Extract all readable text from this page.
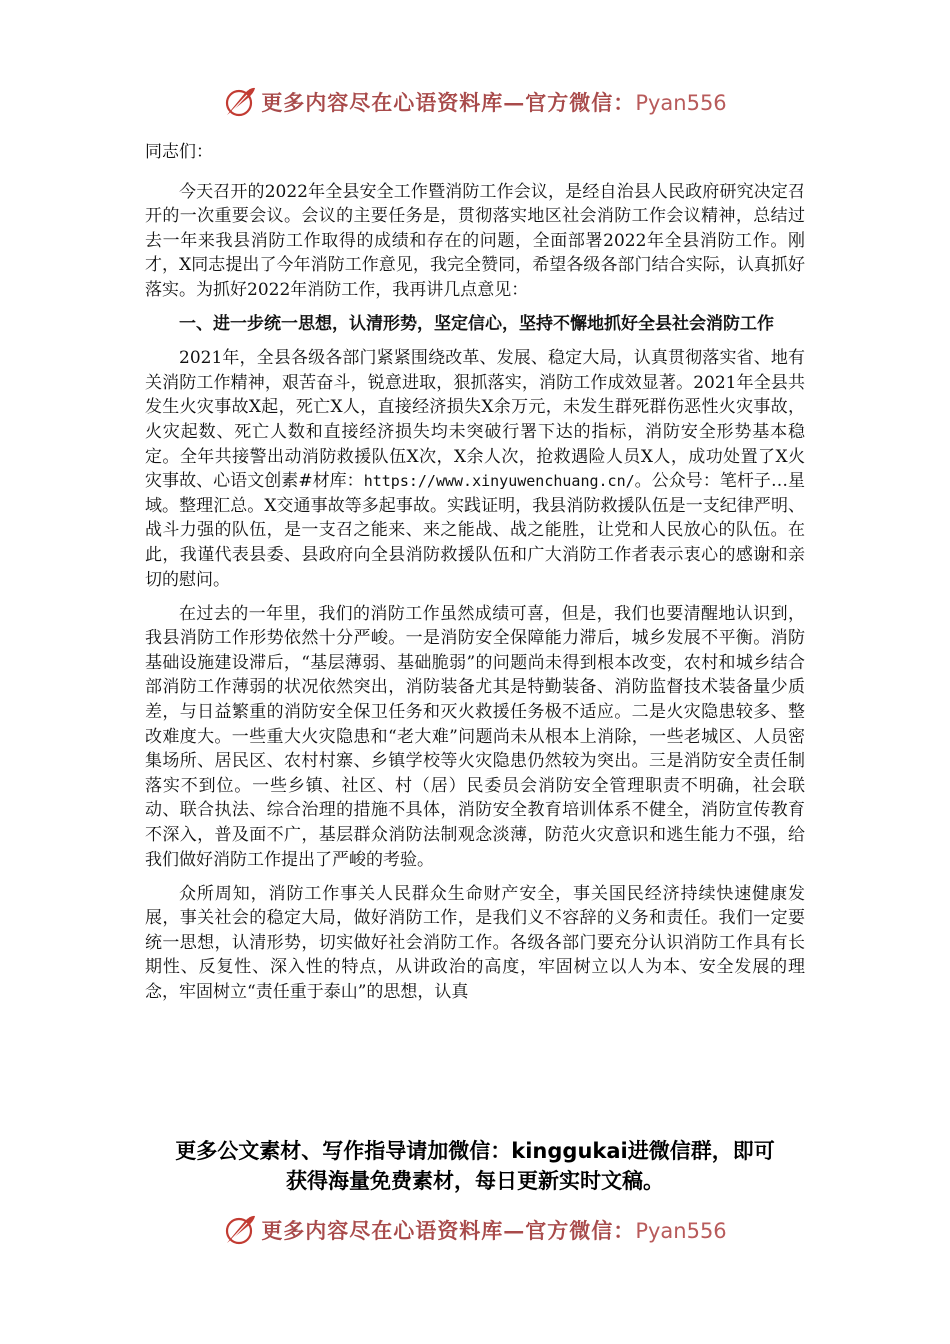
更多内容尽在心语资料库—官方微信：Pyan556

同志们：

今天召开的2022年全县安全工作暨消防工作会议，是经自治县人民政府研究决定召开的一次重要会议。会议的主要任务是，贯彻落实地区社会消防工作会议精神，总结过去一年来我县消防工作取得的成绩和存在的问题，全面部署2022年全县消防工作。刚才，X同志提出了今年消防工作意见，我完全赞同，希望各级各部门结合实际，认真抓好落实。为抓好2022年消防工作，我再讲几点意见：

一、进一步统一思想，认清形势，坚定信心，坚持不懈地抓好全县社会消防工作

2021年，全县各级各部门紧紧围绕改革、发展、稳定大局，认真贯彻落实省、地有关消防工作精神，艰苦奋斗，锐意进取，狠抓落实，消防工作成效显著。2021年全县共发生火灾事故X起，死亡X人，直接经济损失X余万元，未发生群死群伤恶性火灾事故，火灾起数、死亡人数和直接经济损失均未突破行署下达的指标，消防安全形势基本稳定。全年共接警出动消防救援队伍X次，X余人次，抢救遇险人员X人，成功处置了X火灾事故、心语文创素#材库：https://www.xinyuwenchuang.cn/。公众号：笔杆子…星域。整理汇总。X交通事故等多起事故。实践证明，我县消防救援队伍是一支纪律严明、战斗力强的队伍，是一支召之能来、来之能战、战之能胜，让党和人民放心的队伍。在此，我谨代表县委、县政府向全县消防救援队伍和广大消防工作者表示衷心的感谢和亲切的慰问。

在过去的一年里，我们的消防工作虽然成绩可喜，但是，我们也要清醒地认识到，我县消防工作形势依然十分严峻。一是消防安全保障能力滞后，城乡发展不平衡。消防基础设施建设滞后，“基层薄弱、基础脆弱”的问题尚未得到根本改变，农村和城乡结合部消防工作薄弱的状况依然突出，消防装备尤其是特勤装备、消防监督技术装备量少质差，与日益繁重的消防安全保卫任务和灭火救援任务极不适应。二是火灾隐患较多、整改难度大。一些重大火灾隐患和“老大难”问题尚未从根本上消除，一些老城区、人员密集场所、居民区、农村村寨、乡镇学校等火灾隐患仍然较为突出。三是消防安全责任制落实不到位。一些乡镇、社区、村（居）民委员会消防安全管理职责不明确，社会联动、联合执法、综合治理的措施不具体，消防安全教育培训体系不健全，消防宣传教育不深入，普及面不广，基层群众消防法制观念淡薄，防范火灾意识和逃生能力不强，给我们做好消防工作提出了严峻的考验。

众所周知，消防工作事关人民群众生命财产安全，事关国民经济持续快速健康发展，事关社会的稳定大局，做好消防工作，是我们义不容辞的义务和责任。我们一定要统一思想，认清形势，切实做好社会消防工作。各级各部门要充分认识消防工作具有长期性、反复性、深入性的特点，从讲政治的高度，牢固树立以人为本、安全发展的理念，牢固树立“责任重于泰山”的思想，认真

更多公文素材、写作指导请加微信：kinggukai进微信群，即可
获得海量免费素材，每日更新实时文稿。
更多内容尽在心语资料库—官方微信：Pyan556
